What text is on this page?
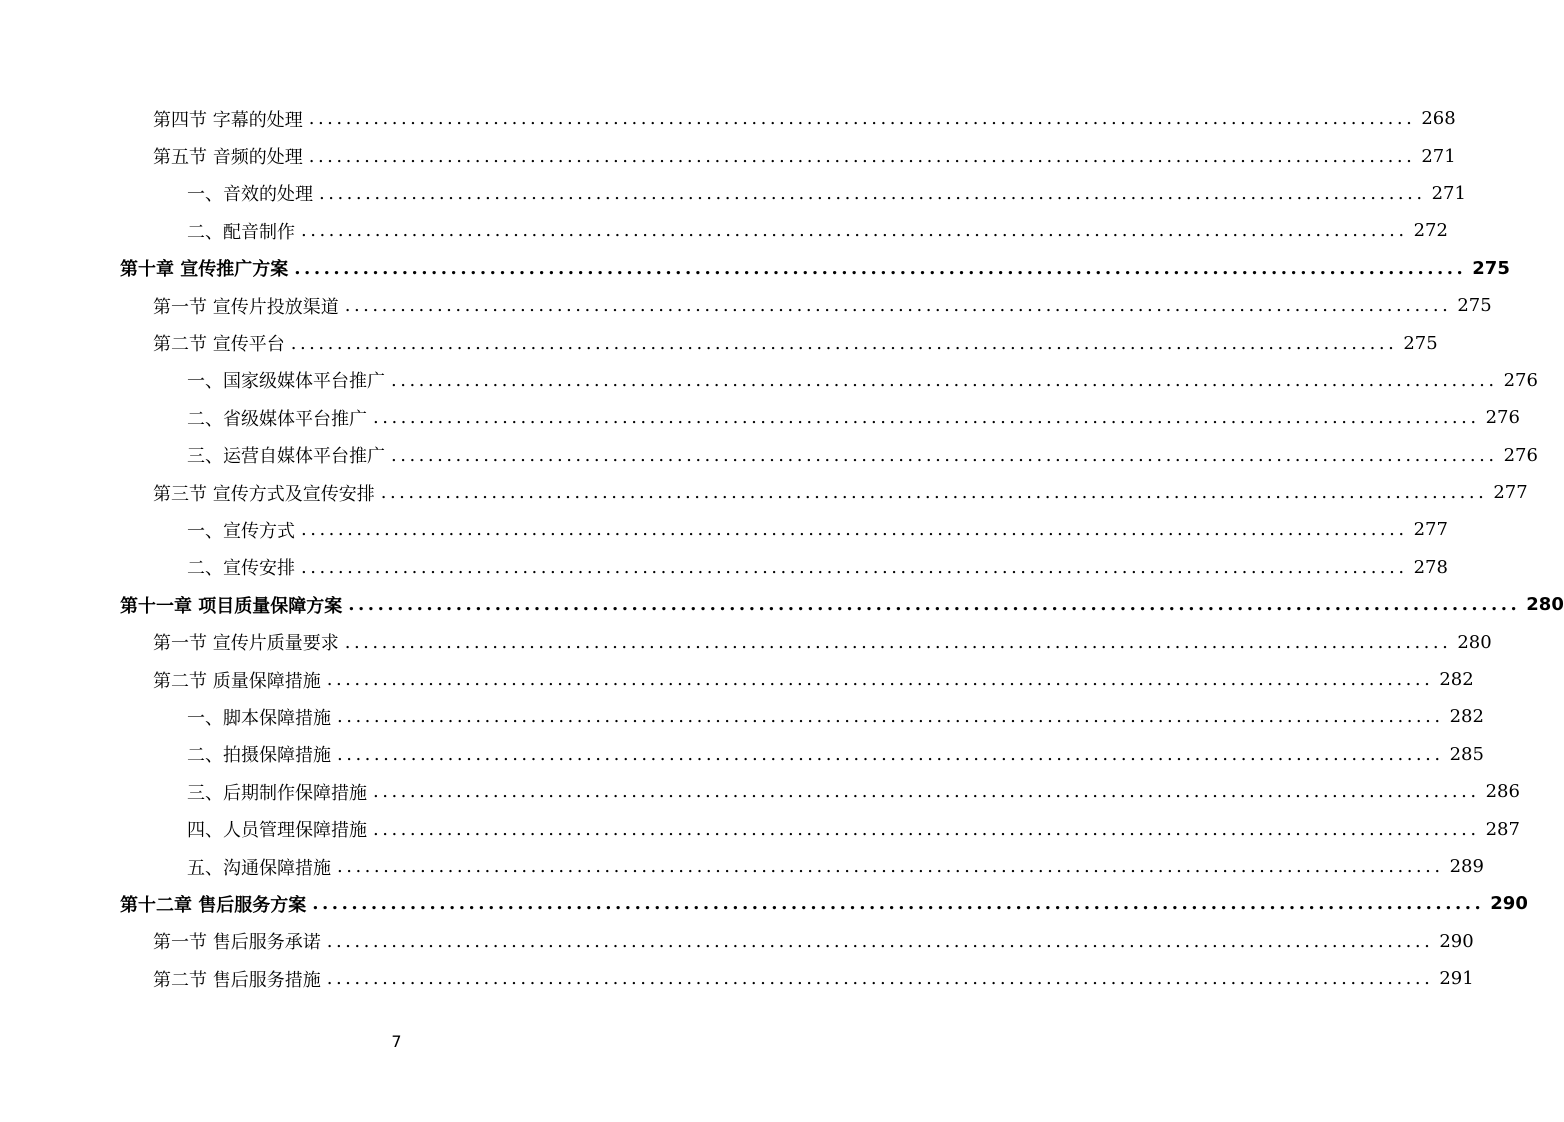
第四节 字幕的处理 ........................................................................................................................ 268
第五节 音频的处理 ........................................................................................................................ 271
一、音效的处理 ........................................................................................................................ 271
二、配音制作 ........................................................................................................................ 272
第十章 宣传推广方案 ........................................................................................................................ 275
第一节 宣传片投放渠道 ........................................................................................................................ 275
第二节 宣传平台 ........................................................................................................................ 275
一、国家级媒体平台推广 ........................................................................................................................ 276
二、省级媒体平台推广 ........................................................................................................................ 276
三、运营自媒体平台推广 ........................................................................................................................ 276
第三节 宣传方式及宣传安排 ........................................................................................................................ 277
一、宣传方式 ........................................................................................................................ 277
二、宣传安排 ........................................................................................................................ 278
第十一章 项目质量保障方案 ........................................................................................................................ 280
第一节 宣传片质量要求 ........................................................................................................................ 280
第二节 质量保障措施 ........................................................................................................................ 282
一、脚本保障措施 ........................................................................................................................ 282
二、拍摄保障措施 ........................................................................................................................ 285
三、后期制作保障措施 ........................................................................................................................ 286
四、人员管理保障措施 ........................................................................................................................ 287
五、沟通保障措施 ........................................................................................................................ 289
第十二章 售后服务方案 ........................................................................................................................ 290
第一节 售后服务承诺 ........................................................................................................................ 290
第二节 售后服务措施 ........................................................................................................................ 291
7
